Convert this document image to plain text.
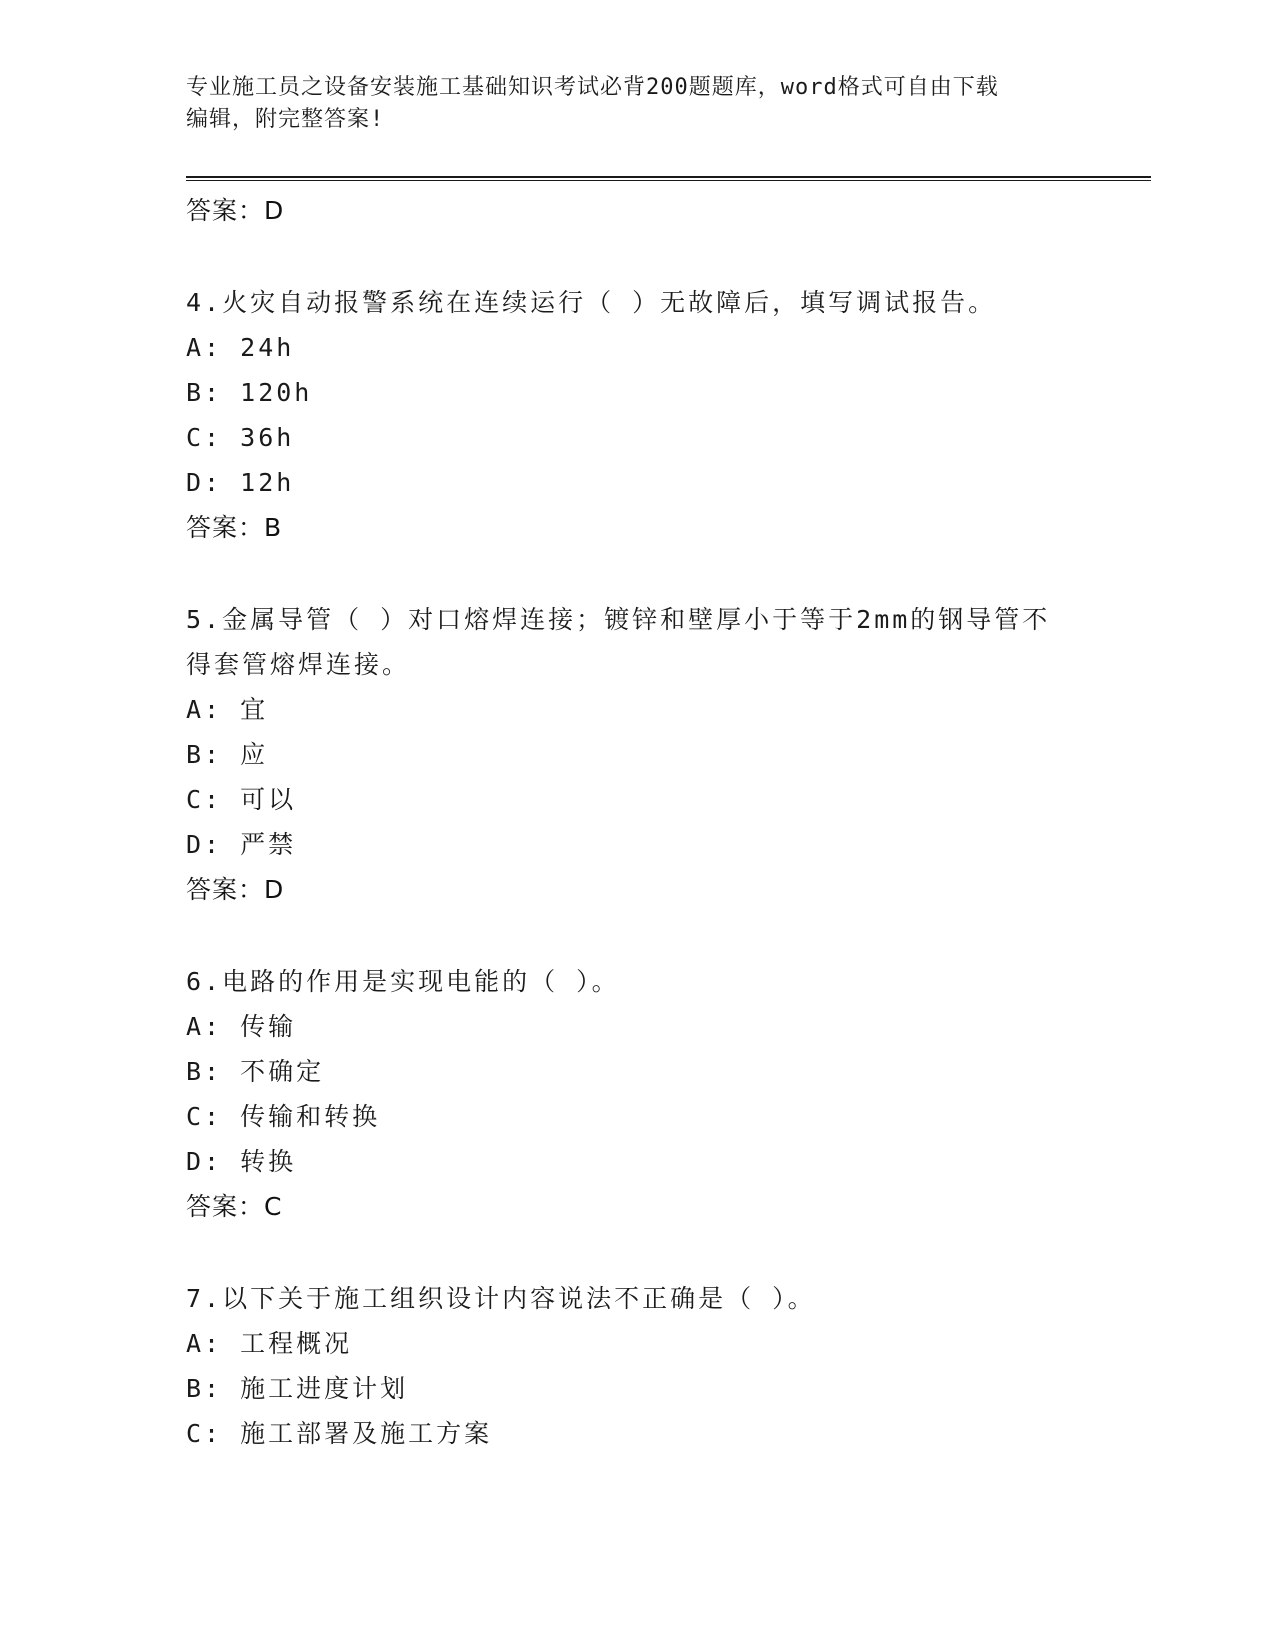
专业施工员之设备安装施工基础知识考试必背200题题库，word格式可自由下载
编辑，附完整答案!
答案：D
4.火灾自动报警系统在连续运行（ ）无故障后，填写调试报告。
A: 24h
B: 120h
C: 36h
D: 12h
答案：B
5.金属导管（ ）对口熔焊连接；镀锌和壁厚小于等于2mm的钢导管不
得套管熔焊连接。
A: 宜
B: 应
C: 可以
D: 严禁
答案：D
6.电路的作用是实现电能的（ ）。
A: 传输
B: 不确定
C: 传输和转换
D: 转换
答案：C
7.以下关于施工组织设计内容说法不正确是（ ）。
A: 工程概况
B: 施工进度计划
C: 施工部署及施工方案
